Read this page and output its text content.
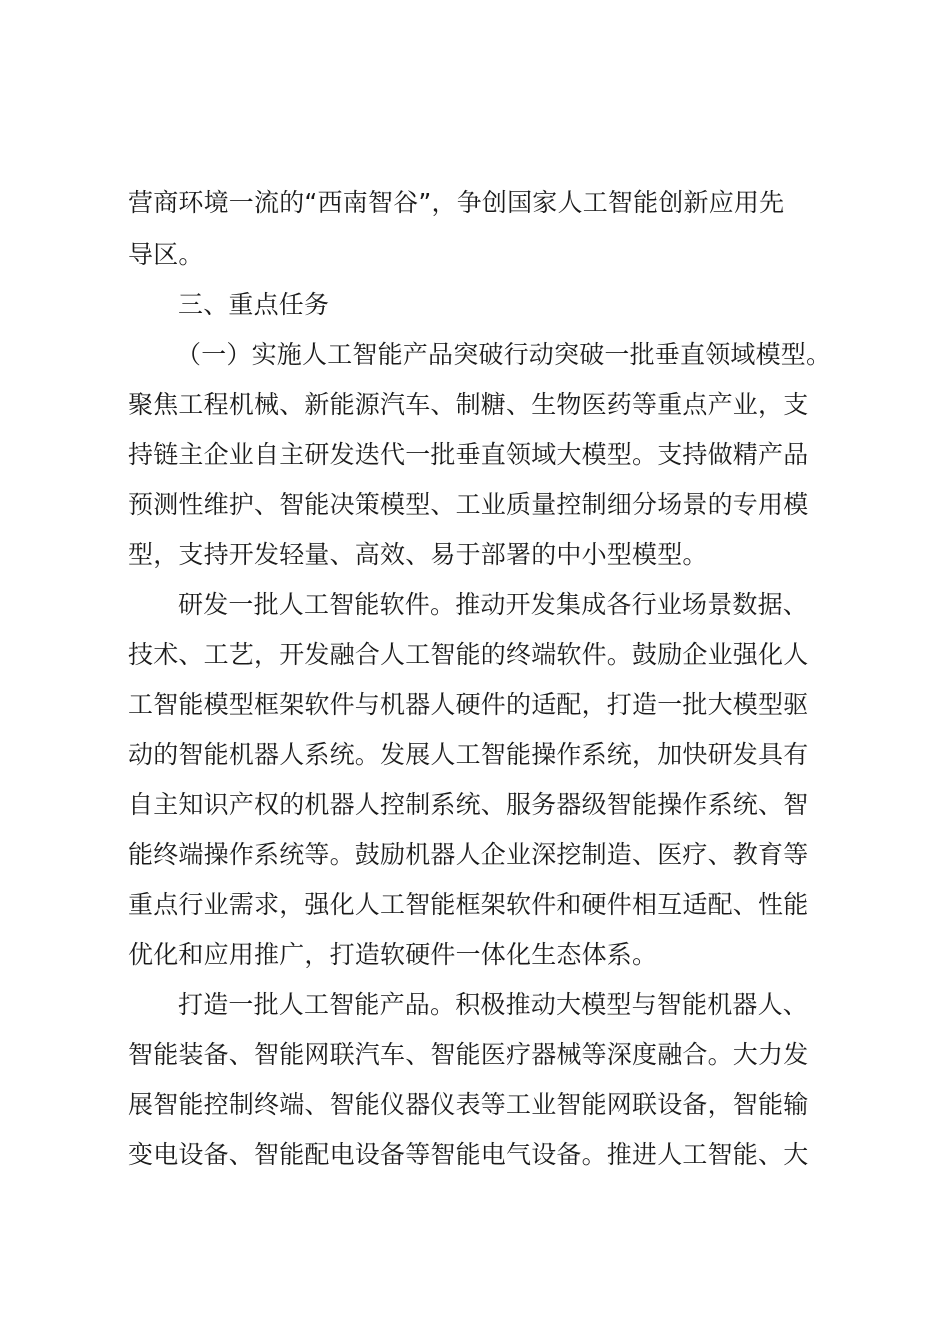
营商环境一流的“西南智谷”，争创国家人工智能创新应用先
导区。
三、重点任务
（一）实施人工智能产品突破行动突破一批垂直领域模型。
聚焦工程机械、新能源汽车、制糖、生物医药等重点产业，支
持链主企业自主研发迭代一批垂直领域大模型。支持做精产品
预测性维护、智能决策模型、工业质量控制细分场景的专用模
型，支持开发轻量、高效、易于部署的中小型模型。
研发一批人工智能软件。推动开发集成各行业场景数据、
技术、工艺，开发融合人工智能的终端软件。鼓励企业强化人
工智能模型框架软件与机器人硬件的适配，打造一批大模型驱
动的智能机器人系统。发展人工智能操作系统，加快研发具有
自主知识产权的机器人控制系统、服务器级智能操作系统、智
能终端操作系统等。鼓励机器人企业深挖制造、医疗、教育等
重点行业需求，强化人工智能框架软件和硬件相互适配、性能
优化和应用推广，打造软硬件一体化生态体系。
打造一批人工智能产品。积极推动大模型与智能机器人、
智能装备、智能网联汽车、智能医疗器械等深度融合。大力发
展智能控制终端、智能仪器仪表等工业智能网联设备，智能输
变电设备、智能配电设备等智能电气设备。推进人工智能、大
